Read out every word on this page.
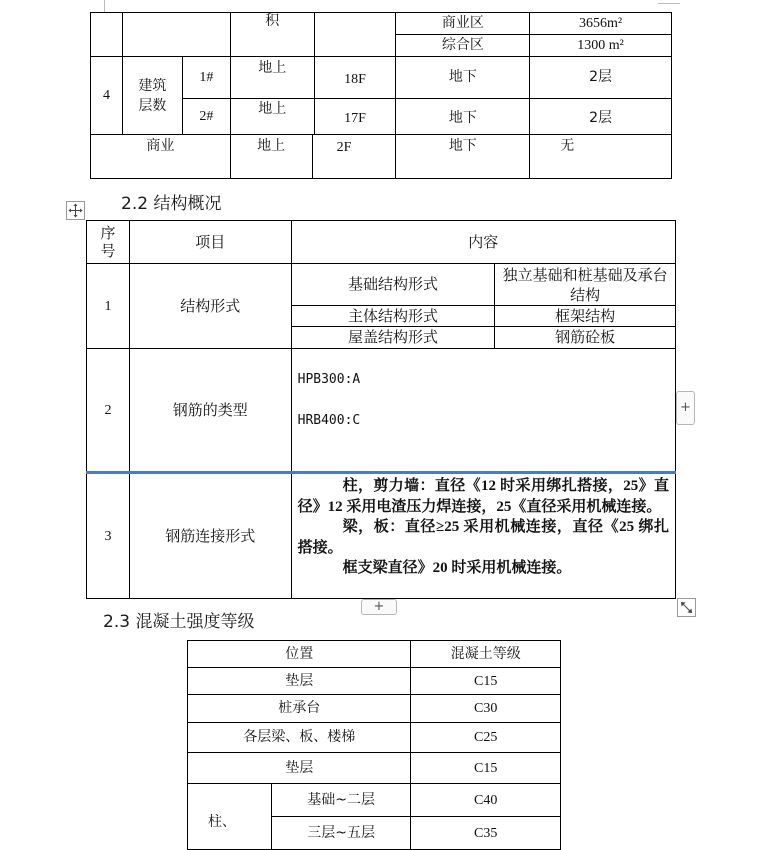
			积		商业区	3656m²
					综合区	1300 m²
4	建筑层数	1#	地上	18F	地下	2层
		2#	地上	17F	地下	2层
商业	地上	2F	地下	无
2.2 结构概况
序号	项目	内容	
1	结构形式	基础结构形式	独立基础和桩基础及承台结构
		主体结构形式	框架结构
		屋盖结构形式	钢筋砼板
2	钢筋的类型	HPB300:A
HRB400:C	

3	钢筋连接形式	柱，剪力墙：直径《12 时采用绑扎搭接，25》直径》12 采用电渣压力焊连接，25《直径采用机械连接。
梁，板：直径≥25 采用机械连接，直径《25 绑扎搭接。
框支梁直径》20 时采用机械连接。	
+
+
2.3 混凝土强度等级
位置		混凝土等级
垫层		C15
桩承台		C30
各层梁、板、楼梯		C25
垫层		C15
柱、	基础~二层	C40
	三层~五层	C35
